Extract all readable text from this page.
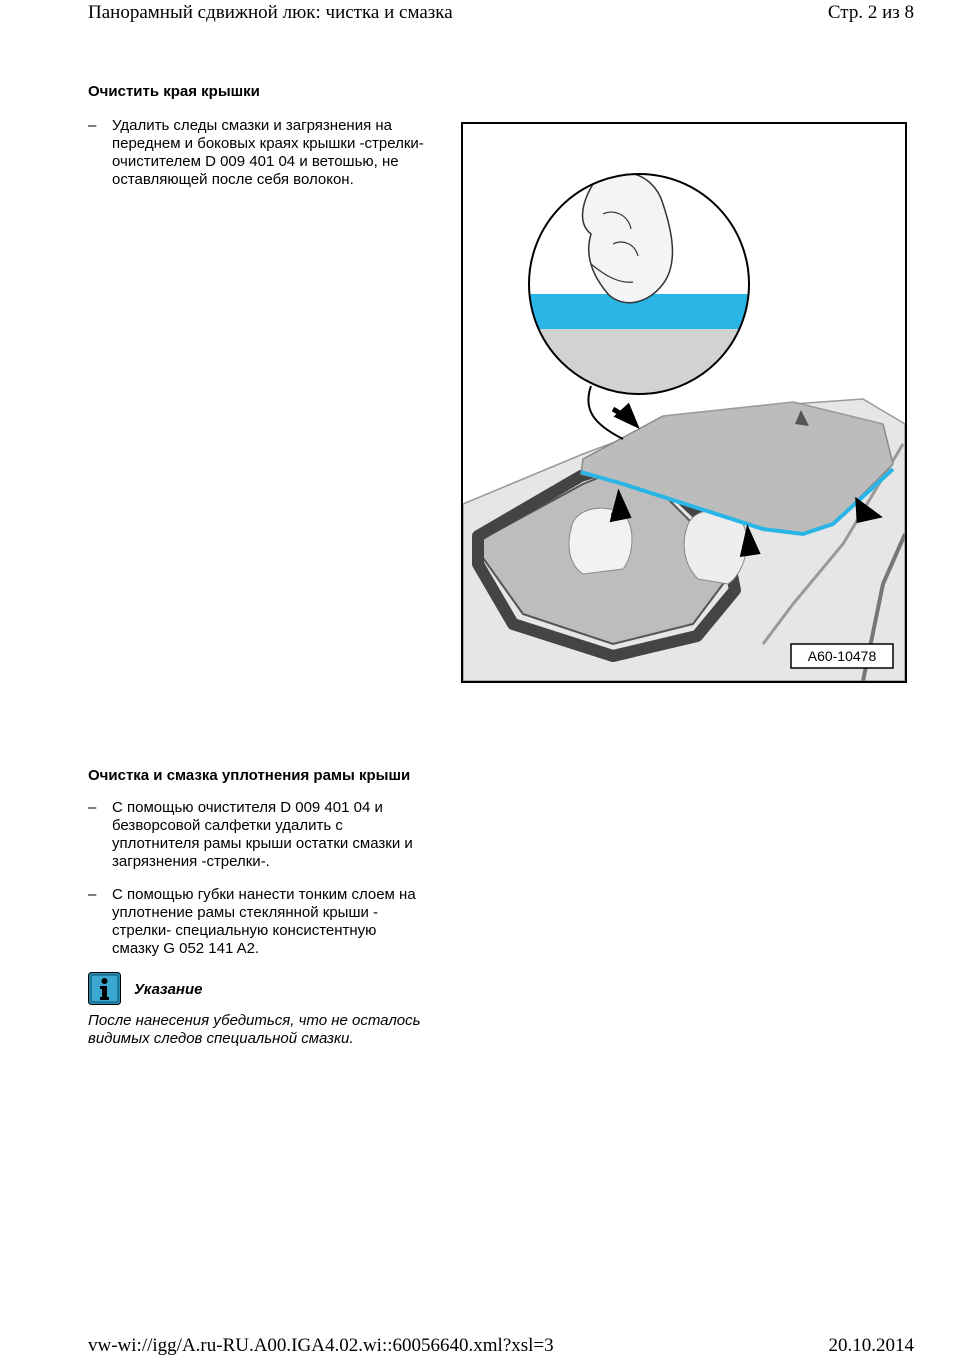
Панорамный сдвижной люк: чистка и смазка	Стр. 2 из 8
Очистить края крышки
– Удалить следы смазки и загрязнения на
переднем и боковых краях крышки -стрелки-
очистителем D 009 401 04 и ветошью, не
оставляющей после себя волокон.
A60-10478
Очистка и смазка уплотнения рамы крыши
– С помощью очистителя D 009 401 04 и
безворсовой салфетки удалить с
уплотнителя рамы крыши остатки смазки и
загрязнения -стрелки-.
– С помощью губки нанести тонким слоем на
уплотнение рамы стеклянной крыши -
стрелки- специальную консистентную
смазку G 052 141 A2.
Указание
После нанесения убедиться, что не осталось
видимых следов специальной смазки.
vw-wi://igg/A.ru-RU.A00.IGA4.02.wi::60056640.xml?xsl=3	20.10.2014
